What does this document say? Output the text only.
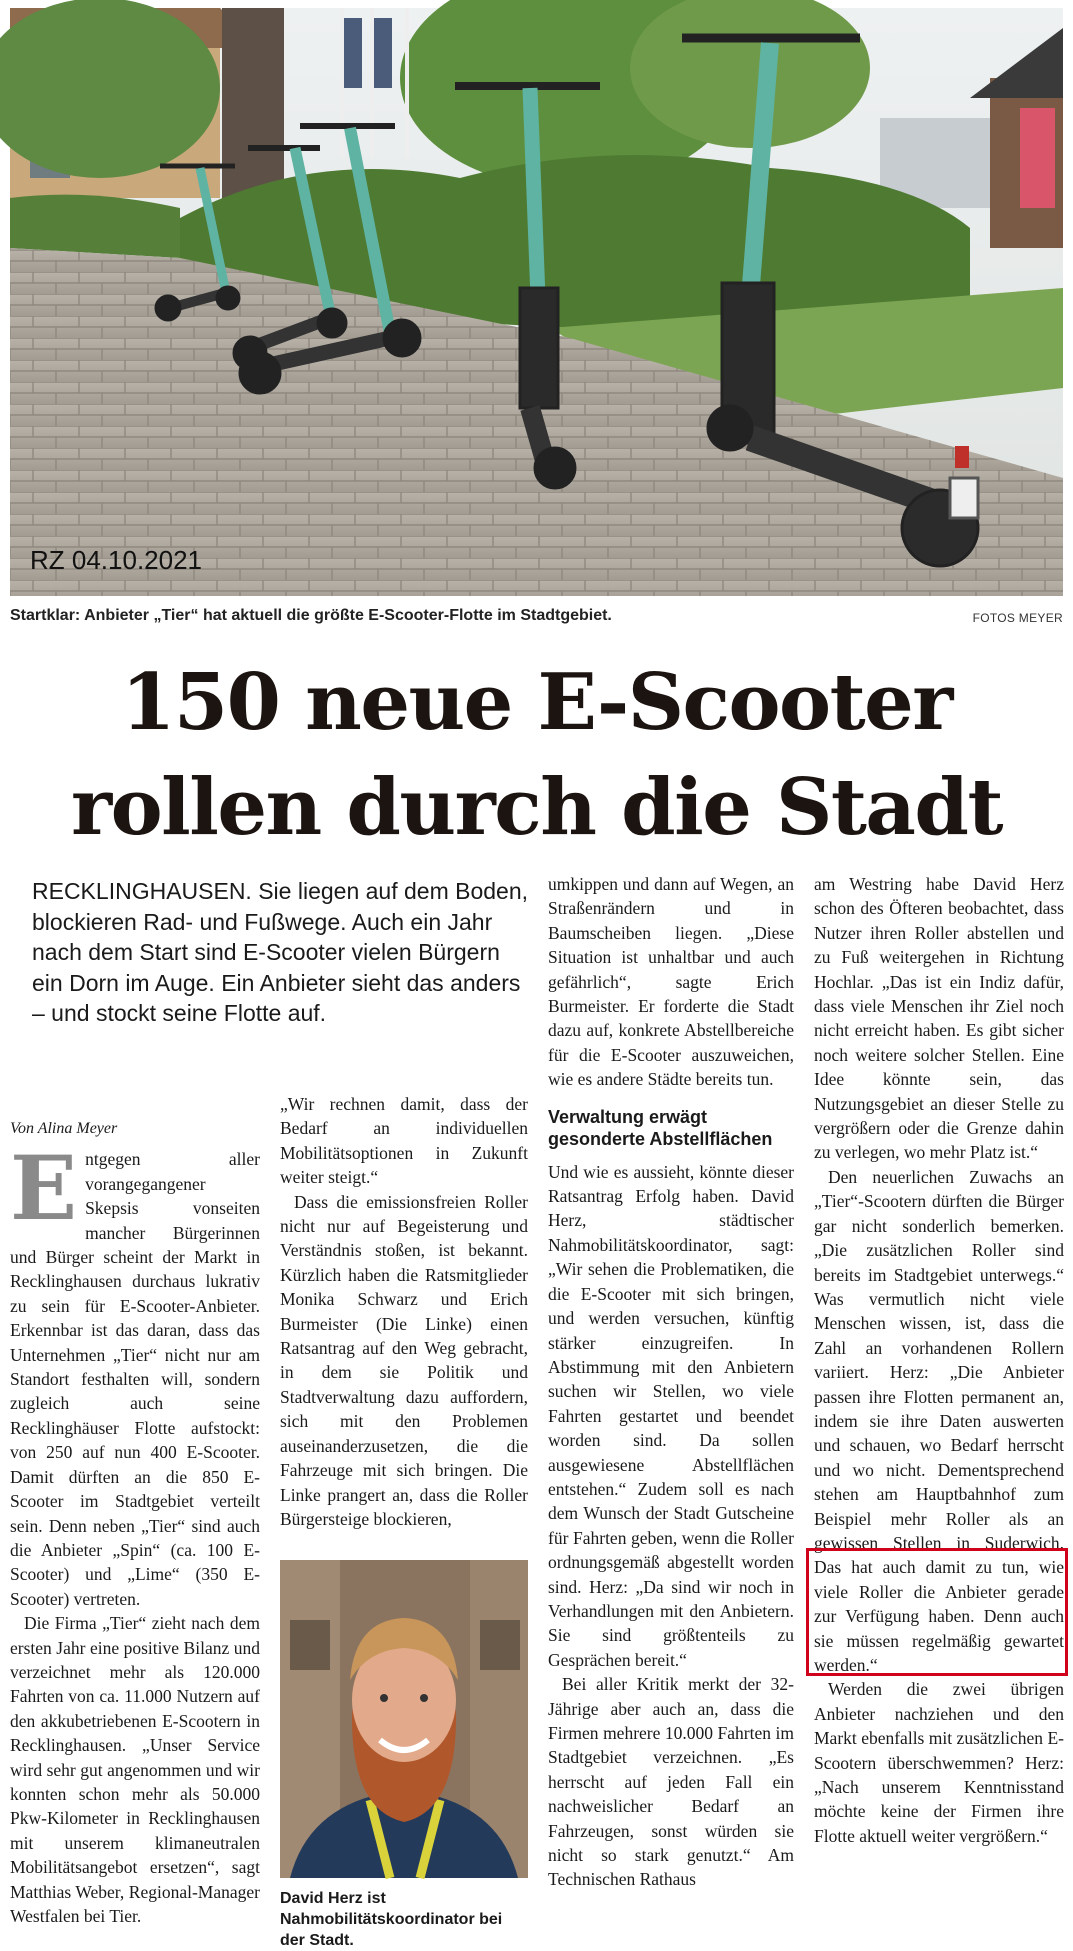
RZ 04.10.2021
Startklar: Anbieter „Tier“ hat aktuell die größte E-Scooter-Flotte im Stadtgebiet.	FOTOS MEYER
150 neue E-Scooter
rollen durch die Stadt
RECKLINGHAUSEN. Sie liegen auf dem Boden, blockieren Rad- und Fußwege. Auch ein Jahr nach dem Start sind E-Scooter vielen Bürgern ein Dorn im Auge. Ein Anbieter sieht das anders – und stockt seine Flotte auf.
Von Alina Meyer

Entgegen aller vorangegangener Skepsis vonseiten mancher Bürgerinnen und Bürger scheint der Markt in Recklinghausen durchaus lukrativ zu sein für E-Scooter-Anbieter. Erkennbar ist das daran, dass das Unternehmen „Tier“ nicht nur am Standort festhalten will, sondern zugleich auch seine Recklinghäuser Flotte aufstockt: von 250 auf nun 400 E-Scooter. Damit dürften an die 850 E-Scooter im Stadtgebiet verteilt sein. Denn neben „Tier“ sind auch die Anbieter „Spin“ (ca. 100 E-Scooter) und „Lime“ (350 E-Scooter) vertreten.

Die Firma „Tier“ zieht nach dem ersten Jahr eine positive Bilanz und verzeichnet mehr als 120.000 Fahrten von ca. 11.000 Nutzern auf den akkubetriebenen E-Scootern in Recklinghausen. „Unser Service wird sehr gut angenommen und wir konnten schon mehr als 50.000 Pkw-Kilometer in Recklinghausen mit unserem klimaneutralen Mobilitätsangebot ersetzen“, sagt Matthias Weber, Regional-Manager Westfalen bei Tier.

„Wir rechnen damit, dass der Bedarf an individuellen Mobilitätsoptionen in Zukunft weiter steigt.“

Dass die emissionsfreien Roller nicht nur auf Begeisterung und Verständnis stoßen, ist bekannt. Kürzlich haben die Ratsmitglieder Monika Schwarz und Erich Burmeister (Die Linke) einen Ratsantrag auf den Weg gebracht, in dem sie Politik und Stadtverwaltung dazu auffordern, sich mit den Problemen auseinanderzusetzen, die die Fahrzeuge mit sich bringen. Die Linke prangert an, dass die Roller Bürgersteige blockieren,

David Herz ist Nahmobilitätskoordinator bei der Stadt.

umkippen und dann auf Wegen, an Straßenrändern und in Baumscheiben liegen. „Diese Situation ist unhaltbar und auch gefährlich“, sagte Erich Burmeister. Er forderte die Stadt dazu auf, konkrete Abstellbereiche für die E-Scooter auszuweichen, wie es andere Städte bereits tun.

Verwaltung erwägt gesonderte Abstellflächen

Und wie es aussieht, könnte dieser Ratsantrag Erfolg haben. David Herz, städtischer Nahmobilitätskoordinator, sagt: „Wir sehen die Problematiken, die die E-Scooter mit sich bringen, und werden versuchen, künftig stärker einzugreifen. In Abstimmung mit den Anbietern suchen wir Stellen, wo viele Fahrten gestartet und beendet worden sind. Da sollen ausgewiesene Abstellflächen entstehen.“ Zudem soll es nach dem Wunsch der Stadt Gutscheine für Fahrten geben, wenn die Roller ordnungsgemäß abgestellt worden sind. Herz: „Da sind wir noch in Verhandlungen mit den Anbietern. Sie sind größtenteils zu Gesprächen bereit.“

Bei aller Kritik merkt der 32-Jährige aber auch an, dass die Firmen mehrere 10.000 Fahrten im Stadtgebiet verzeichnen. „Es herrscht auf jeden Fall ein nachweislicher Bedarf an Fahrzeugen, sonst würden sie nicht so stark genutzt.“ Am Technischen Rathaus

am Westring habe David Herz schon des Öfteren beobachtet, dass Nutzer ihren Roller abstellen und zu Fuß weitergehen in Richtung Hochlar. „Das ist ein Indiz dafür, dass viele Menschen ihr Ziel noch nicht erreicht haben. Es gibt sicher noch weitere solcher Stellen. Eine Idee könnte sein, das Nutzungsgebiet an dieser Stelle zu vergrößern oder die Grenze dahin zu verlegen, wo mehr Platz ist.“

Den neuerlichen Zuwachs an „Tier“-Scootern dürften die Bürger gar nicht sonderlich bemerken. „Die zusätzlichen Roller sind bereits im Stadtgebiet unterwegs.“ Was vermutlich nicht viele Menschen wissen, ist, dass die Zahl an vorhandenen Rollern variiert. Herz: „Die Anbieter passen ihre Flotten permanent an, indem sie ihre Daten auswerten und schauen, wo Bedarf herrscht und wo nicht. Dementsprechend stehen am Hauptbahnhof zum Beispiel mehr Roller als an gewissen Stellen in Suderwich. Das hat auch damit zu tun, wie viele Roller die Anbieter gerade zur Verfügung haben. Denn auch sie müssen regelmäßig gewartet werden.“

Werden die zwei übrigen Anbieter nachziehen und den Markt ebenfalls mit zusätzlichen E-Scootern überschwemmen? Herz: „Nach unserem Kenntnisstand möchte keine der Firmen ihre Flotte aktuell weiter vergrößern.“
